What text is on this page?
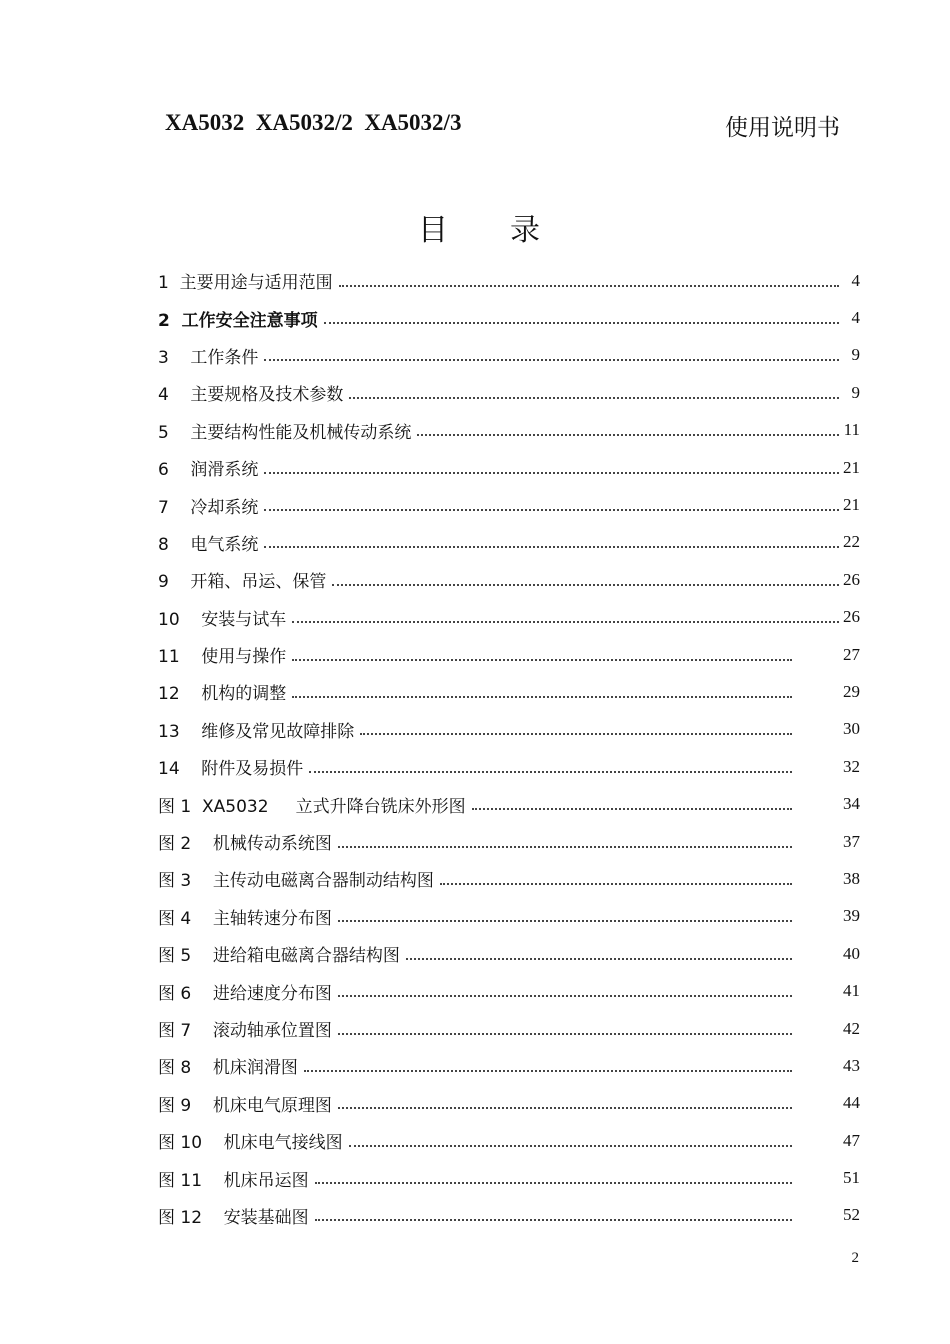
XA5032  XA5032/2  XA5032/3	使用说明书
目录
1  主要用途与适用范围	4
2  工作安全注意事项	4
3    工作条件	9
4    主要规格及技术参数	9
5    主要结构性能及机械传动系统	11
6    润滑系统	21
7    冷却系统	21
8    电气系统	22
9    开箱、吊运、保管	26
10    安装与试车	26
11    使用与操作	27
12    机构的调整	29
13    维修及常见故障排除	30
14    附件及易损件	32
图 1  XA5032     立式升降台铣床外形图	34
图 2    机械传动系统图	37
图 3    主传动电磁离合器制动结构图	38
图 4    主轴转速分布图	39
图 5    进给箱电磁离合器结构图	40
图 6    进给速度分布图	41
图 7    滚动轴承位置图	42
图 8    机床润滑图	43
图 9    机床电气原理图	44
图 10    机床电气接线图	47
图 11    机床吊运图	51
图 12    安装基础图	52
2
